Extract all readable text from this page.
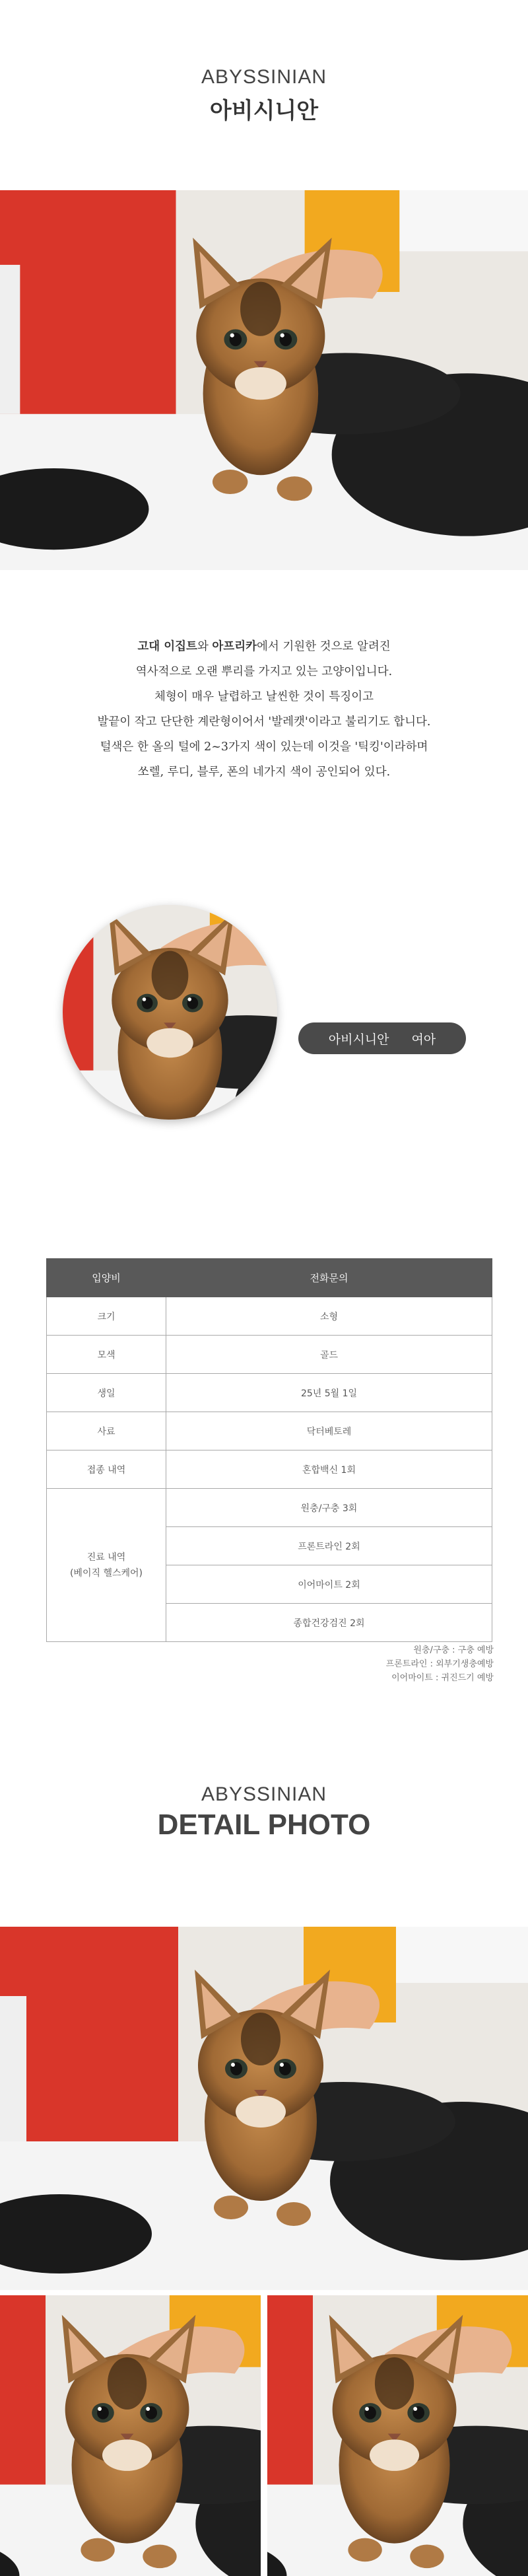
ABYSSINIAN
아비시니안
고대 이집트와 아프리카에서 기원한 것으로 알려진
역사적으로 오랜 뿌리를 가지고 있는 고양이입니다.
체형이 매우 날렵하고 날씬한 것이 특징이고
발끝이 작고 단단한 계란형이어서 '발레캣'이라고 불리기도 합니다.
털색은 한 올의 털에 2~3가지 색이 있는데 이것을 '틱킹'이라하며
쏘렐, 루디, 블루, 폰의 네가지 색이 공인되어 있다.
아비시니안 여아
입양비	전화문의
크기	소형
모색	골드
생일	25년 5월 1일
사료	닥터베토레
접종 내역	혼합백신 1회

진료 내역
(베이직 헬스케어)	원충/구충 3회
	프론트라인 2회
	이어마이트 2회
	종합건강검진 2회
원충/구충 : 구충 예방
프론트라인 : 외부기생충예방
이어마이트 : 귀진드기 예방
ABYSSINIAN
DETAIL PHOTO
